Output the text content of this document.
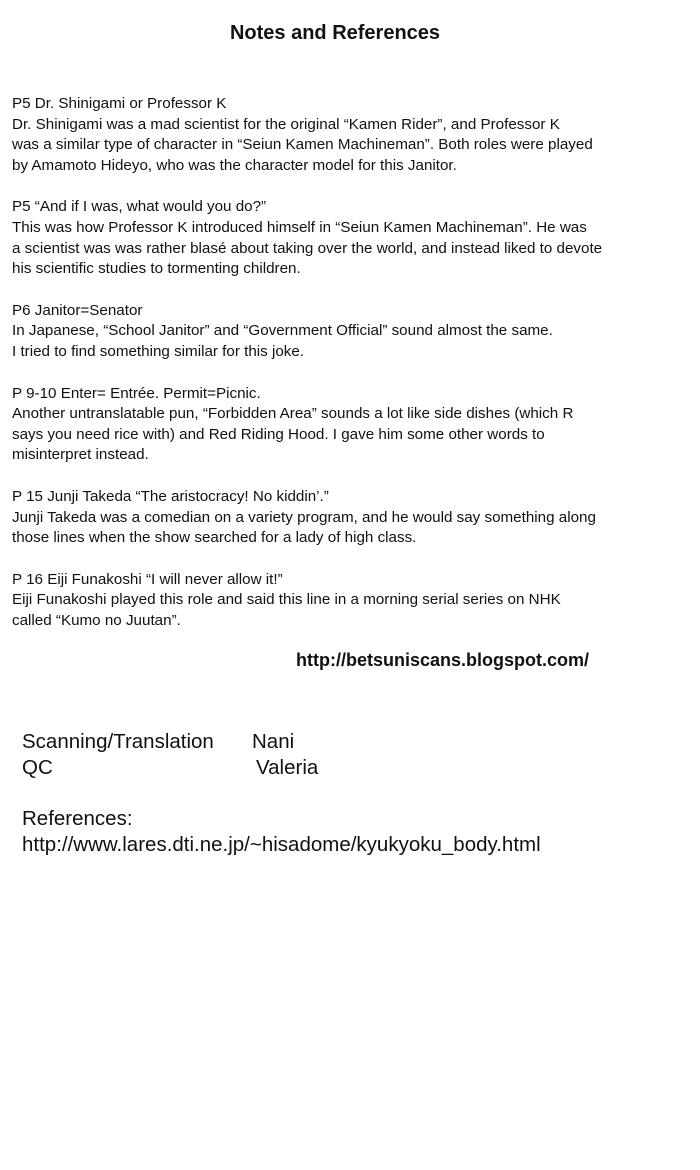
Notes and References
P5 Dr. Shinigami or Professor K
Dr. Shinigami was a mad scientist for the original “Kamen Rider”, and Professor K
was a similar type of character in “Seiun Kamen Machineman”. Both roles were played
by Amamoto Hideyo, who was the character model for this Janitor.
P5 “And if I was, what would you do?”
This was how Professor K introduced himself in “Seiun Kamen Machineman”. He was
a scientist was was rather blasé about taking over the world, and instead liked to devote
his scientific studies to tormenting children.
P6 Janitor=Senator
In Japanese, “School Janitor” and “Government Official” sound almost the same.
I tried to find something similar for this joke.
P 9-10 Enter= Entrée. Permit=Picnic.
Another untranslatable pun, “Forbidden Area” sounds a lot like side dishes (which R
says you need rice with) and Red Riding Hood. I gave him some other words to
misinterpret instead.
P 15 Junji Takeda “The aristocracy! No kiddin’.”
Junji Takeda was a comedian on a variety program, and he would say something along
those lines when the show searched for a lady of high class.
P 16 Eiji Funakoshi “I will never allow it!”
Eiji Funakoshi played this role and said this line in a morning serial series on NHK
called “Kumo no Juutan”.
http://betsuniscans.blogspot.com/
Scanning/Translation Nani
QC	Valeria
References:
http://www.lares.dti.ne.jp/~hisadome/kyukyoku_body.html
